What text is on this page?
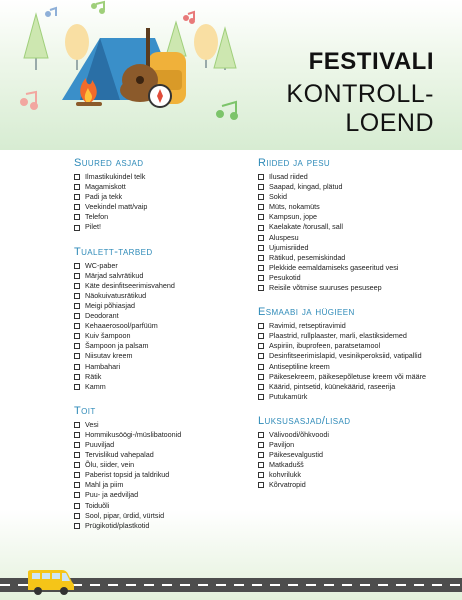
FESTIVALI
KONTROLL-LOEND
Suured asjad
Ilmastikukindel telk
Magamiskott
Padi ja tekk
Veekindel matt/vaip
Telefon
Pilet!
Tualett-tarbed
WC-paber
Märjad salvrätikud
Käte desinfitseerimisvahend
Näokuivatusrätikud
Meigi põhiasjad
Deodorant
Kehaaerosool/parfüüm
Kuiv šampoon
Šampoon ja palsam
Niisutav kreem
Hambahari
Rätik
Kamm
Toit
Vesi
Hommikusöögi-/müslibatoonid
Puuviljad
Tervislikud vahepalad
Õlu, siider, vein
Paberist topsid ja taldrikud
Mahl ja piim
Puu- ja aedviljad
Toiduõli
Sool, pipar, ürdid, vürtsid
Prügikotid/plastkotid
Riided ja pesu
Ilusad riided
Saapad, kingad, plätud
Sokid
Müts, nokamüts
Kampsun, jope
Kaelakate /torusall, sall
Aluspesu
Ujumisriided
Rätikud, pesemiskindad
Plekkide eemaldamiseks gaseeritud vesi
Pesukotid
Reisile võtmise suuruses pesuseep
Esmaabi ja hügieen
Ravimid, retseptiravimid
Plaastrid, rullplaaster, marli, elastiksidemed
Aspiriin, ibuprofeen, paratsetamool
Desinfitseerimislapid, vesinikperoksiid, vatipallid
Antiseptiline kreem
Päikesekreem, päikesepõletuse kreem või määre
Käärid, pintsetid, küünekäärid, raseerija
Putukamürk
Luksusasjad/lisad
Välivoodi/õhkvoodi
Paviljon
Päikesevalgustid
Matkadušš
kohvrilukk
Kõrvatropid
